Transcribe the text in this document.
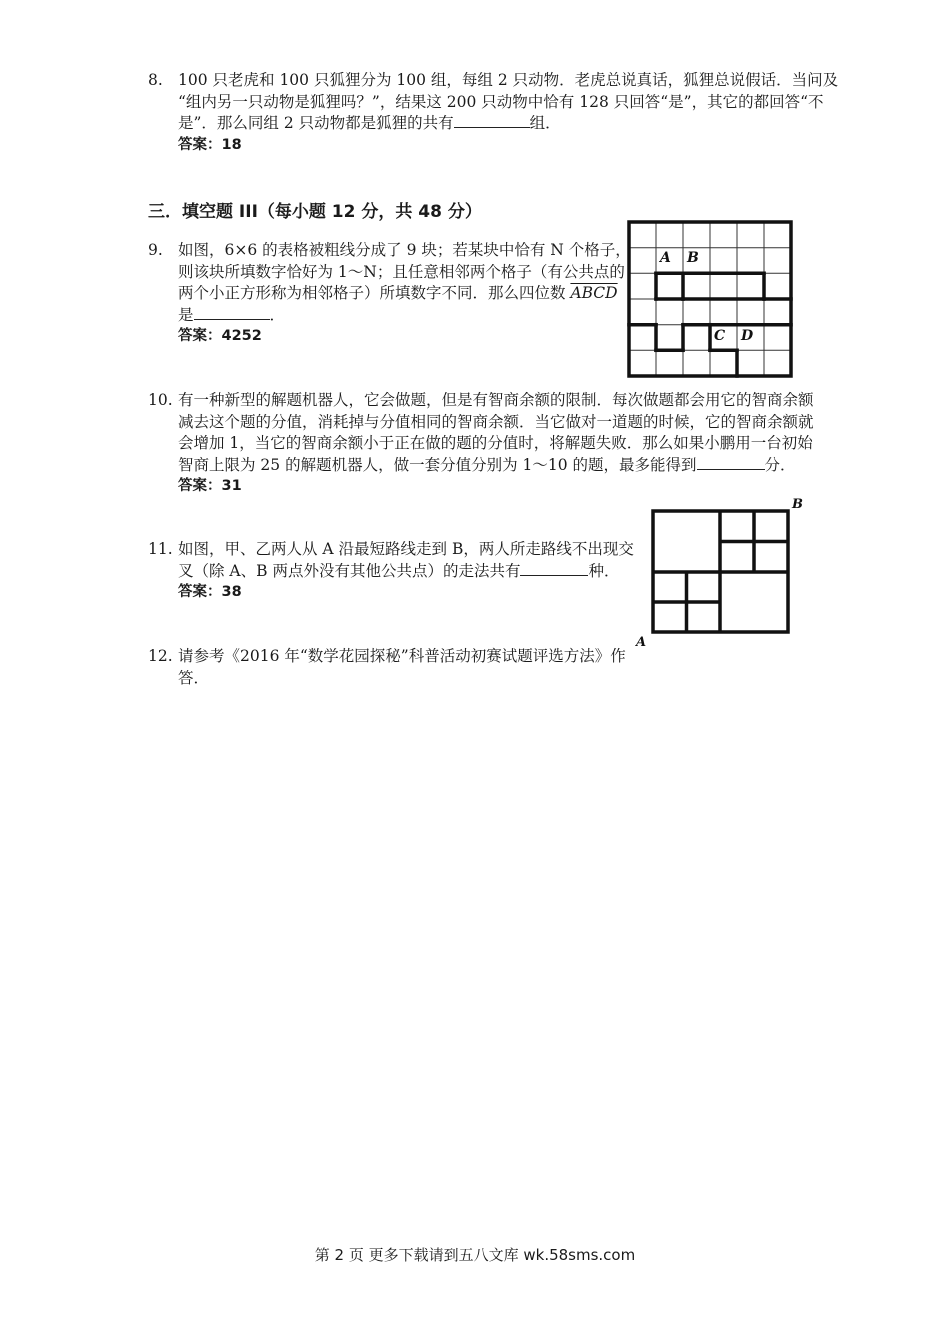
8. 100 只老虎和 100 只狐狸分为 100 组，每组 2 只动物．老虎总说真话，狐狸总说假话．当问及
“组内另一只动物是狐狸吗？”，结果这 200 只动物中恰有 128 只回答“是”，其它的都回答“不
是”．那么同组 2 只动物都是狐狸的共有	组．
答案：18
三．填空题 III（每小题 12 分，共 48 分）
9. 如图，6×6 的表格被粗线分成了 9 块；若某块中恰有 N 个格子，
则该块所填数字恰好为 1～N；且任意相邻两个格子（有公共点的
两个小正方形称为相邻格子）所填数字不同．那么四位数 ABCD
是	．
答案：4252
A B
C D
10. 有一种新型的解题机器人，它会做题，但是有智商余额的限制．每次做题都会用它的智商余额
减去这个题的分值，消耗掉与分值相同的智商余额．当它做对一道题的时候，它的智商余额就
会增加 1，当它的智商余额小于正在做的题的分值时，将解题失败．那么如果小鹏用一台初始
智商上限为 25 的解题机器人，做一套分值分别为 1～10 的题，最多能得到	分．
答案：31
11. 如图，甲、乙两人从 A 沿最短路线走到 B，两人所走路线不出现交
叉（除 A、B 两点外没有其他公共点）的走法共有	种．
答案：38
A
B
12. 请参考《2016 年“数学花园探秘”科普活动初赛试题评选方法》作
答．
第 2 页 更多下载请到五八文库 wk.58sms.com
